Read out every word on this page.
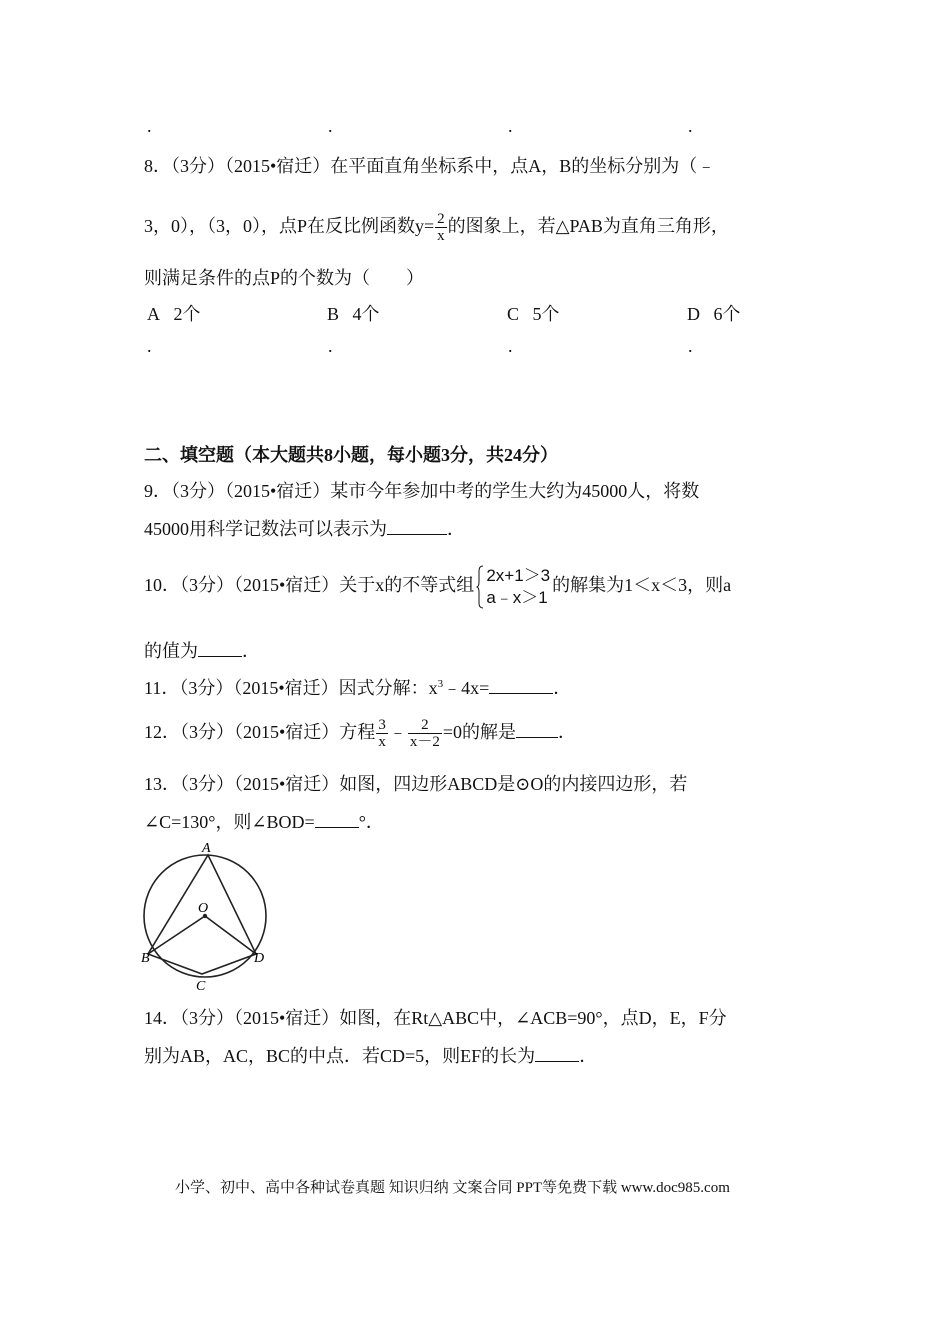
.	.	.	.
8．（3分）（2015•宿迁）在平面直角坐标系中，点A，B的坐标分别为（﹣
3，0），（3，0），点P在反比例函数$y= \frac{2}{x}$ 的图象上，若△PAB为直角三角形，
则满足条件的点P的个数为（　　）
A 2个	B 4个	C 5个	D 6个
.	.	.	.
二、填空题（本大题共8小题，每小题3分，共24分）
9．（3分）（2015•宿迁）某市今年参加中考的学生大约为45000人，将数
45000用科学记数法可以表示为	．
10．（3分）（2015•宿迁）关于x的不等式组 2x+1＞3
a﹣x＞1
的解集为1＜x＜3，则a
的值为 ．
11．（3分）（2015•宿迁）因式分解：$x^3﹣4x=$	．
12．（3分）（2015•宿迁）方程 $\frac{3}{x}$ ﹣ $\frac{2}{x-2} =0$的解是 ．
13．（3分）（2015•宿迁）如图，四边形ABCD是⊙O的内接四边形，若
∠C=130°，则∠BOD= °．
A
O
B	D
C
14．（3分）（2015•宿迁）如图，在Rt△ABC中，∠ACB=90°，点D，E，F分
别为AB，AC，BC的中点．若CD=5，则EF的长为 ．
小学、初中、高中各种试卷真题 知识归纳 文案合同 PPT等免费下载 www.doc985.com
